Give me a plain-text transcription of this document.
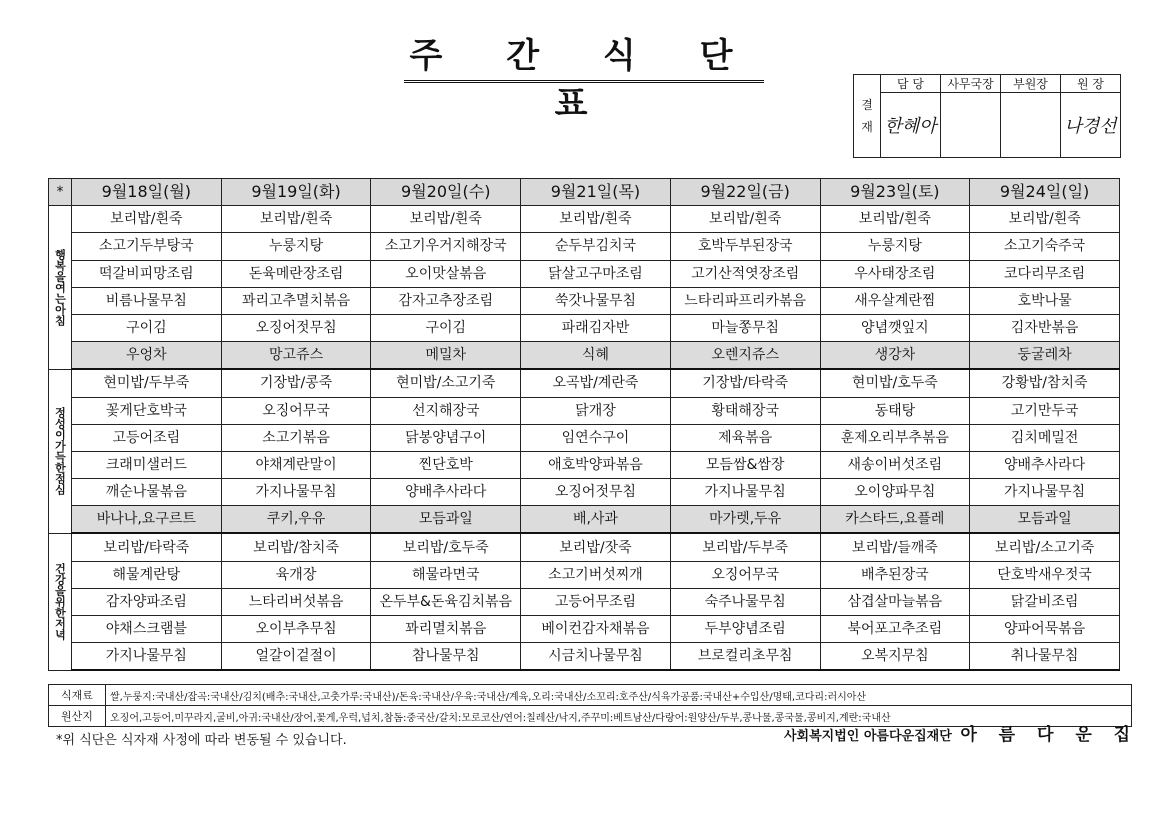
주 간 식 단 표	결
재	담 당	사무국장	부원장	원 장
	한혜아			나경선
*	9월18일(월)	9월19일(화)	9월20일(수)	9월21일(목)	9월22일(금)	9월23일(토)	9월24일(일)
행복을여는아침	보리밥/흰죽	보리밥/흰죽	보리밥/흰죽	보리밥/흰죽	보리밥/흰죽	보리밥/흰죽	보리밥/흰죽
	소고기두부탕국	누룽지탕	소고기우거지해장국	순두부김치국	호박두부된장국	누룽지탕	소고기숙주국
	떡갈비피망조림	돈육메란장조림	오이맛살볶음	닭살고구마조림	고기산적엿장조림	우사태장조림	코다리무조림
	비름나물무침	꽈리고추멸치볶음	감자고추장조림	쑥갓나물무침	느타리파프리카볶음	새우살계란찜	호박나물
	구이김	오징어젓무침	구이김	파래김자반	마늘쫑무침	양념깻잎지	김자반볶음
	우엉차	망고쥬스	메밀차	식혜	오렌지쥬스	생강차	둥굴레차
정성이가득한점심	현미밥/두부죽	기장밥/콩죽	현미밥/소고기죽	오곡밥/계란죽	기장밥/타락죽	현미밥/호두죽	강황밥/참치죽
	꽃게단호박국	오징어무국	선지해장국	닭개장	황태해장국	동태탕	고기만두국
	고등어조림	소고기볶음	닭봉양념구이	임연수구이	제육볶음	훈제오리부추볶음	김치메밀전
	크래미샐러드	야채계란말이	찐단호박	애호박양파볶음	모듬쌈&쌈장	새송이버섯조림	양배추사라다
	깨순나물볶음	가지나물무침	양배추사라다	오징어젓무침	가지나물무침	오이양파무침	가지나물무침
	바나나,요구르트	쿠키,우유	모듬과일	배,사과	마가렛,두유	카스타드,요플레	모듬과일
건강을위한저녁	보리밥/타락죽	보리밥/참치죽	보리밥/호두죽	보리밥/잣죽	보리밥/두부죽	보리밥/들깨죽	보리밥/소고기죽
	해물계란탕	육개장	해물라면국	소고기버섯찌개	오징어무국	배추된장국	단호박새우젓국
	감자양파조림	느타리버섯볶음	온두부&돈육김치볶음	고등어무조림	숙주나물무침	삼겹살마늘볶음	닭갈비조림
	야채스크램블	오이부추무침	꽈리멸치볶음	베이컨감자채볶음	두부양념조림	북어포고추조림	양파어묵볶음
	가지나물무침	얼갈이겉절이	참나물무침	시금치나물무침	브로컬리초무침	오복지무침	취나물무침
식재료	쌀,누룽지:국내산/잡곡:국내산/김치(배추:국내산,고춧가루:국내산)/돈육:국내산/우육:국내산/계육,오리:국내산/소꼬리:호주산/식육가공품:국내산+수입산/명태,코다리:러시아산
원산지	오징어,고등어,미꾸라지,굴비,아귀:국내산/장어,꽃게,우럭,넙치,참돔:중국산/갈치:모로코산/연어:칠레산/낙지,주꾸미:베트남산/다랑어:원양산/두부,콩나물,콩국물,콩비지,계란:국내산
*위 식단은 식자재 사정에 따라 변동될 수 있습니다.	사회복지법인 아름다운집재단 아 름 다 운 집
